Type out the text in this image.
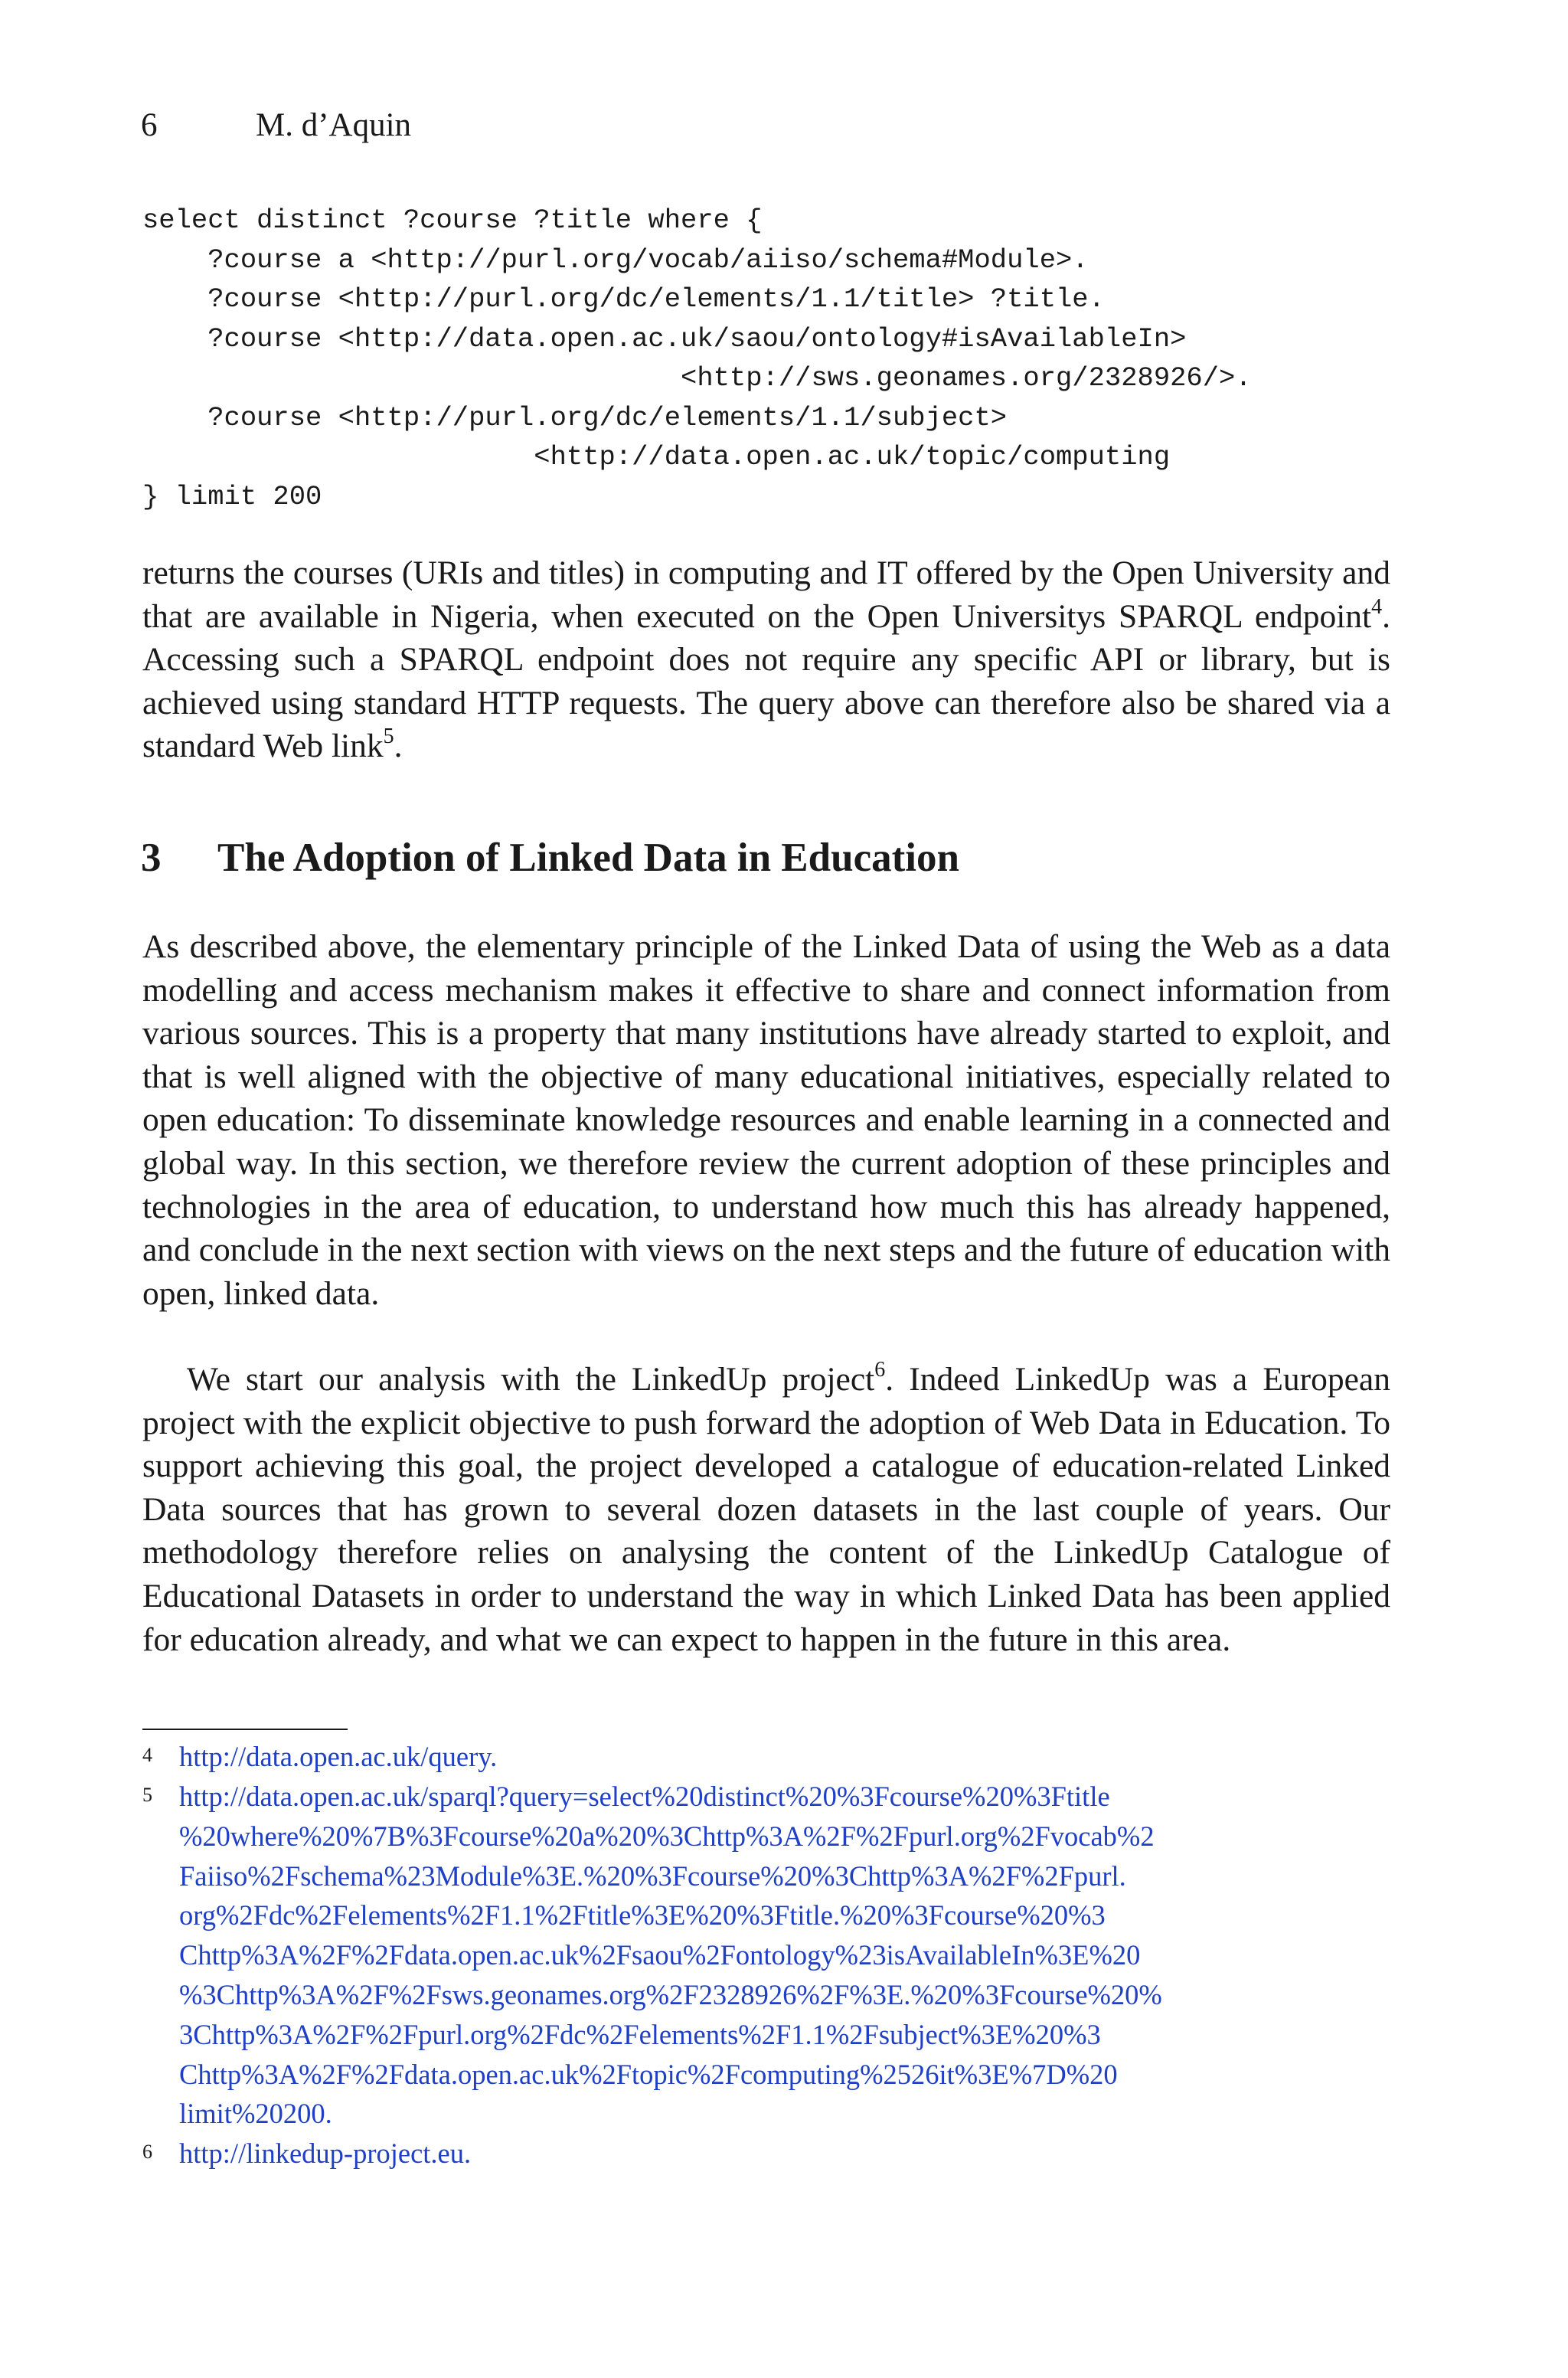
6	M. d’Aquin
select distinct ?course ?title where {
?course a <http://purl.org/vocab/aiiso/schema#Module>.
?course <http://purl.org/dc/elements/1.1/title> ?title.
?course <http://data.open.ac.uk/saou/ontology#isAvailableIn>
<http://sws.geonames.org/2328926/>.
?course <http://purl.org/dc/elements/1.1/subject>
<http://data.open.ac.uk/topic/computing
} limit 200

returns the courses (URIs and titles) in computing and IT offered by the Open University and that are available in Nigeria, when executed on the Open Universitys SPARQL endpoint$^4$. Accessing such a SPARQL endpoint does not require any specific API or library, but is achieved using standard HTTP requests. The query above can therefore also be shared via a standard Web link$^5$.

3 The Adoption of Linked Data in Education

As described above, the elementary principle of the Linked Data of using the Web as a data modelling and access mechanism makes it effective to share and connect information from various sources. This is a property that many institutions have already started to exploit, and that is well aligned with the objective of many educational initiatives, especially related to open education: To disseminate knowledge resources and enable learning in a connected and global way. In this section, we therefore review the current adoption of these principles and technologies in the area of education, to understand how much this has already happened, and conclude in the next section with views on the next steps and the future of education with open, linked data.

We start our analysis with the LinkedUp project$^6$. Indeed LinkedUp was a European project with the explicit objective to push forward the adoption of Web Data in Education. To support achieving this goal, the project developed a catalogue of education-related Linked Data sources that has grown to several dozen datasets in the last couple of years. Our methodology therefore relies on analysing the content of the LinkedUp Catalogue of Educational Datasets in order to understand the way in which Linked Data has been applied for education already, and what we can expect to happen in the future in this area.

4 http://data.open.ac.uk/query.
5 http://data.open.ac.uk/sparql?query=select%20distinct%20%3Fcourse%20%3Ftitle
%20where%20%7B%3Fcourse%20a%20%3Chttp%3A%2F%2Fpurl.org%2Fvocab%2
Faiiso%2Fschema%23Module%3E.%20%3Fcourse%20%3Chttp%3A%2F%2Fpurl.
org%2Fdc%2Felements%2F1.1%2Ftitle%3E%20%3Ftitle.%20%3Fcourse%20%3
Chttp%3A%2F%2Fdata.open.ac.uk%2Fsaou%2Fontology%23isAvailableIn%3E%20
%3Chttp%3A%2F%2Fsws.geonames.org%2F2328926%2F%3E.%20%3Fcourse%20%
3Chttp%3A%2F%2Fpurl.org%2Fdc%2Felements%2F1.1%2Fsubject%3E%20%3
Chttp%3A%2F%2Fdata.open.ac.uk%2Ftopic%2Fcomputing%2526it%3E%7D%20
limit%20200.
6 http://linkedup-project.eu.
